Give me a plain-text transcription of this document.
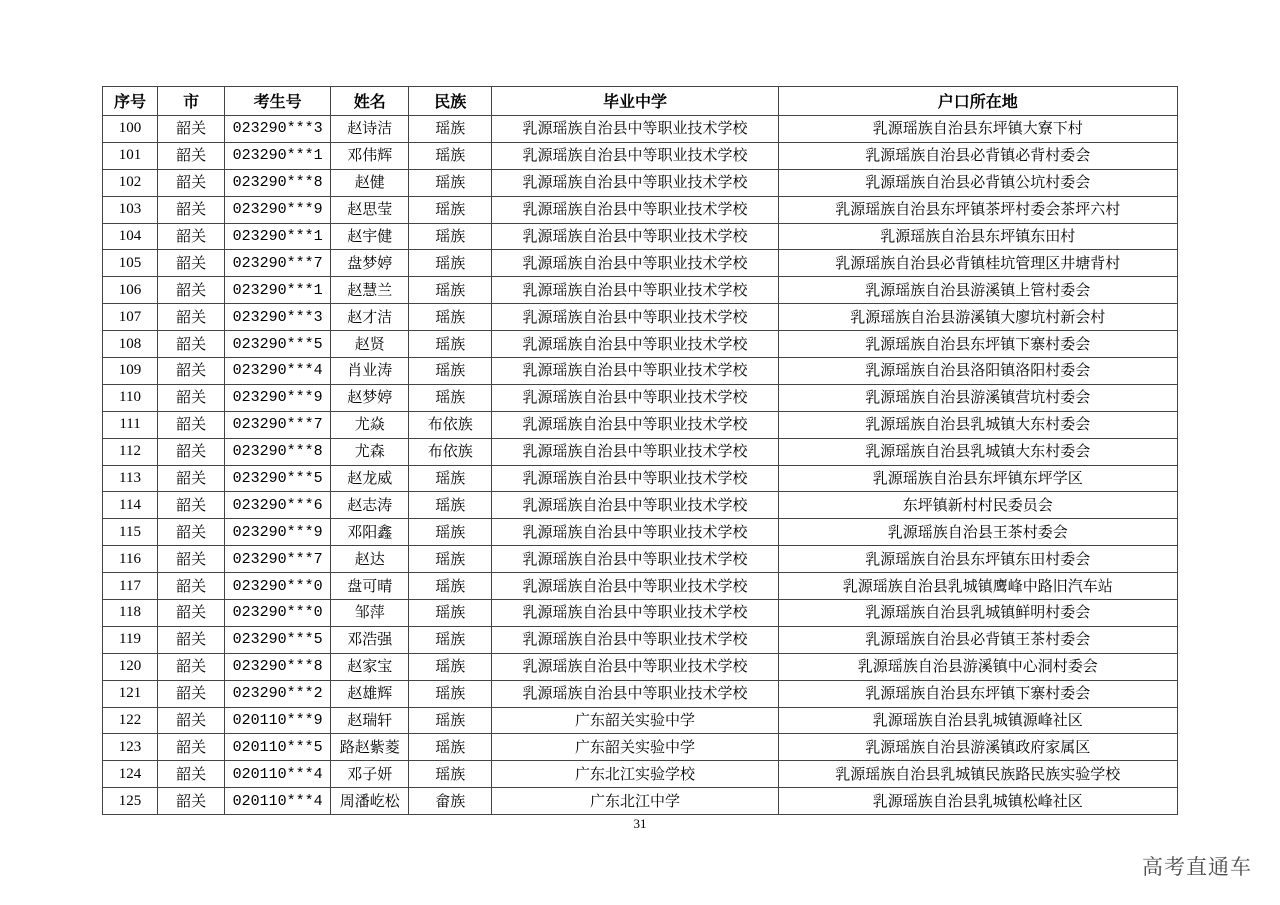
序号	市	考生号	姓名	民族	毕业中学	户口所在地
100	韶关	023290***3	赵诗洁	瑶族	乳源瑶族自治县中等职业技术学校	乳源瑶族自治县东坪镇大寮下村
101	韶关	023290***1	邓伟辉	瑶族	乳源瑶族自治县中等职业技术学校	乳源瑶族自治县必背镇必背村委会
102	韶关	023290***8	赵健	瑶族	乳源瑶族自治县中等职业技术学校	乳源瑶族自治县必背镇公坑村委会
103	韶关	023290***9	赵思莹	瑶族	乳源瑶族自治县中等职业技术学校	乳源瑶族自治县东坪镇茶坪村委会茶坪六村
104	韶关	023290***1	赵宇健	瑶族	乳源瑶族自治县中等职业技术学校	乳源瑶族自治县东坪镇东田村
105	韶关	023290***7	盘梦婷	瑶族	乳源瑶族自治县中等职业技术学校	乳源瑶族自治县必背镇桂坑管理区井塘背村
106	韶关	023290***1	赵慧兰	瑶族	乳源瑶族自治县中等职业技术学校	乳源瑶族自治县游溪镇上管村委会
107	韶关	023290***3	赵才洁	瑶族	乳源瑶族自治县中等职业技术学校	乳源瑶族自治县游溪镇大廖坑村新会村
108	韶关	023290***5	赵贤	瑶族	乳源瑶族自治县中等职业技术学校	乳源瑶族自治县东坪镇下寨村委会
109	韶关	023290***4	肖业涛	瑶族	乳源瑶族自治县中等职业技术学校	乳源瑶族自治县洛阳镇洛阳村委会
110	韶关	023290***9	赵梦婷	瑶族	乳源瑶族自治县中等职业技术学校	乳源瑶族自治县游溪镇营坑村委会
111	韶关	023290***7	尤焱	布依族	乳源瑶族自治县中等职业技术学校	乳源瑶族自治县乳城镇大东村委会
112	韶关	023290***8	尤森	布依族	乳源瑶族自治县中等职业技术学校	乳源瑶族自治县乳城镇大东村委会
113	韶关	023290***5	赵龙威	瑶族	乳源瑶族自治县中等职业技术学校	乳源瑶族自治县东坪镇东坪学区
114	韶关	023290***6	赵志涛	瑶族	乳源瑶族自治县中等职业技术学校	东坪镇新村村民委员会
115	韶关	023290***9	邓阳鑫	瑶族	乳源瑶族自治县中等职业技术学校	乳源瑶族自治县王茶村委会
116	韶关	023290***7	赵达	瑶族	乳源瑶族自治县中等职业技术学校	乳源瑶族自治县东坪镇东田村委会
117	韶关	023290***0	盘可晴	瑶族	乳源瑶族自治县中等职业技术学校	乳源瑶族自治县乳城镇鹰峰中路旧汽车站
118	韶关	023290***0	邹萍	瑶族	乳源瑶族自治县中等职业技术学校	乳源瑶族自治县乳城镇鲜明村委会
119	韶关	023290***5	邓浩强	瑶族	乳源瑶族自治县中等职业技术学校	乳源瑶族自治县必背镇王茶村委会
120	韶关	023290***8	赵家宝	瑶族	乳源瑶族自治县中等职业技术学校	乳源瑶族自治县游溪镇中心洞村委会
121	韶关	023290***2	赵雄辉	瑶族	乳源瑶族自治县中等职业技术学校	乳源瑶族自治县东坪镇下寨村委会
122	韶关	020110***9	赵瑞轩	瑶族	广东韶关实验中学	乳源瑶族自治县乳城镇源峰社区
123	韶关	020110***5	路赵紫菱	瑶族	广东韶关实验中学	乳源瑶族自治县游溪镇政府家属区
124	韶关	020110***4	邓子妍	瑶族	广东北江实验学校	乳源瑶族自治县乳城镇民族路民族实验学校
125	韶关	020110***4	周潘屹松	畲族	广东北江中学	乳源瑶族自治县乳城镇松峰社区
31
高考直通车
